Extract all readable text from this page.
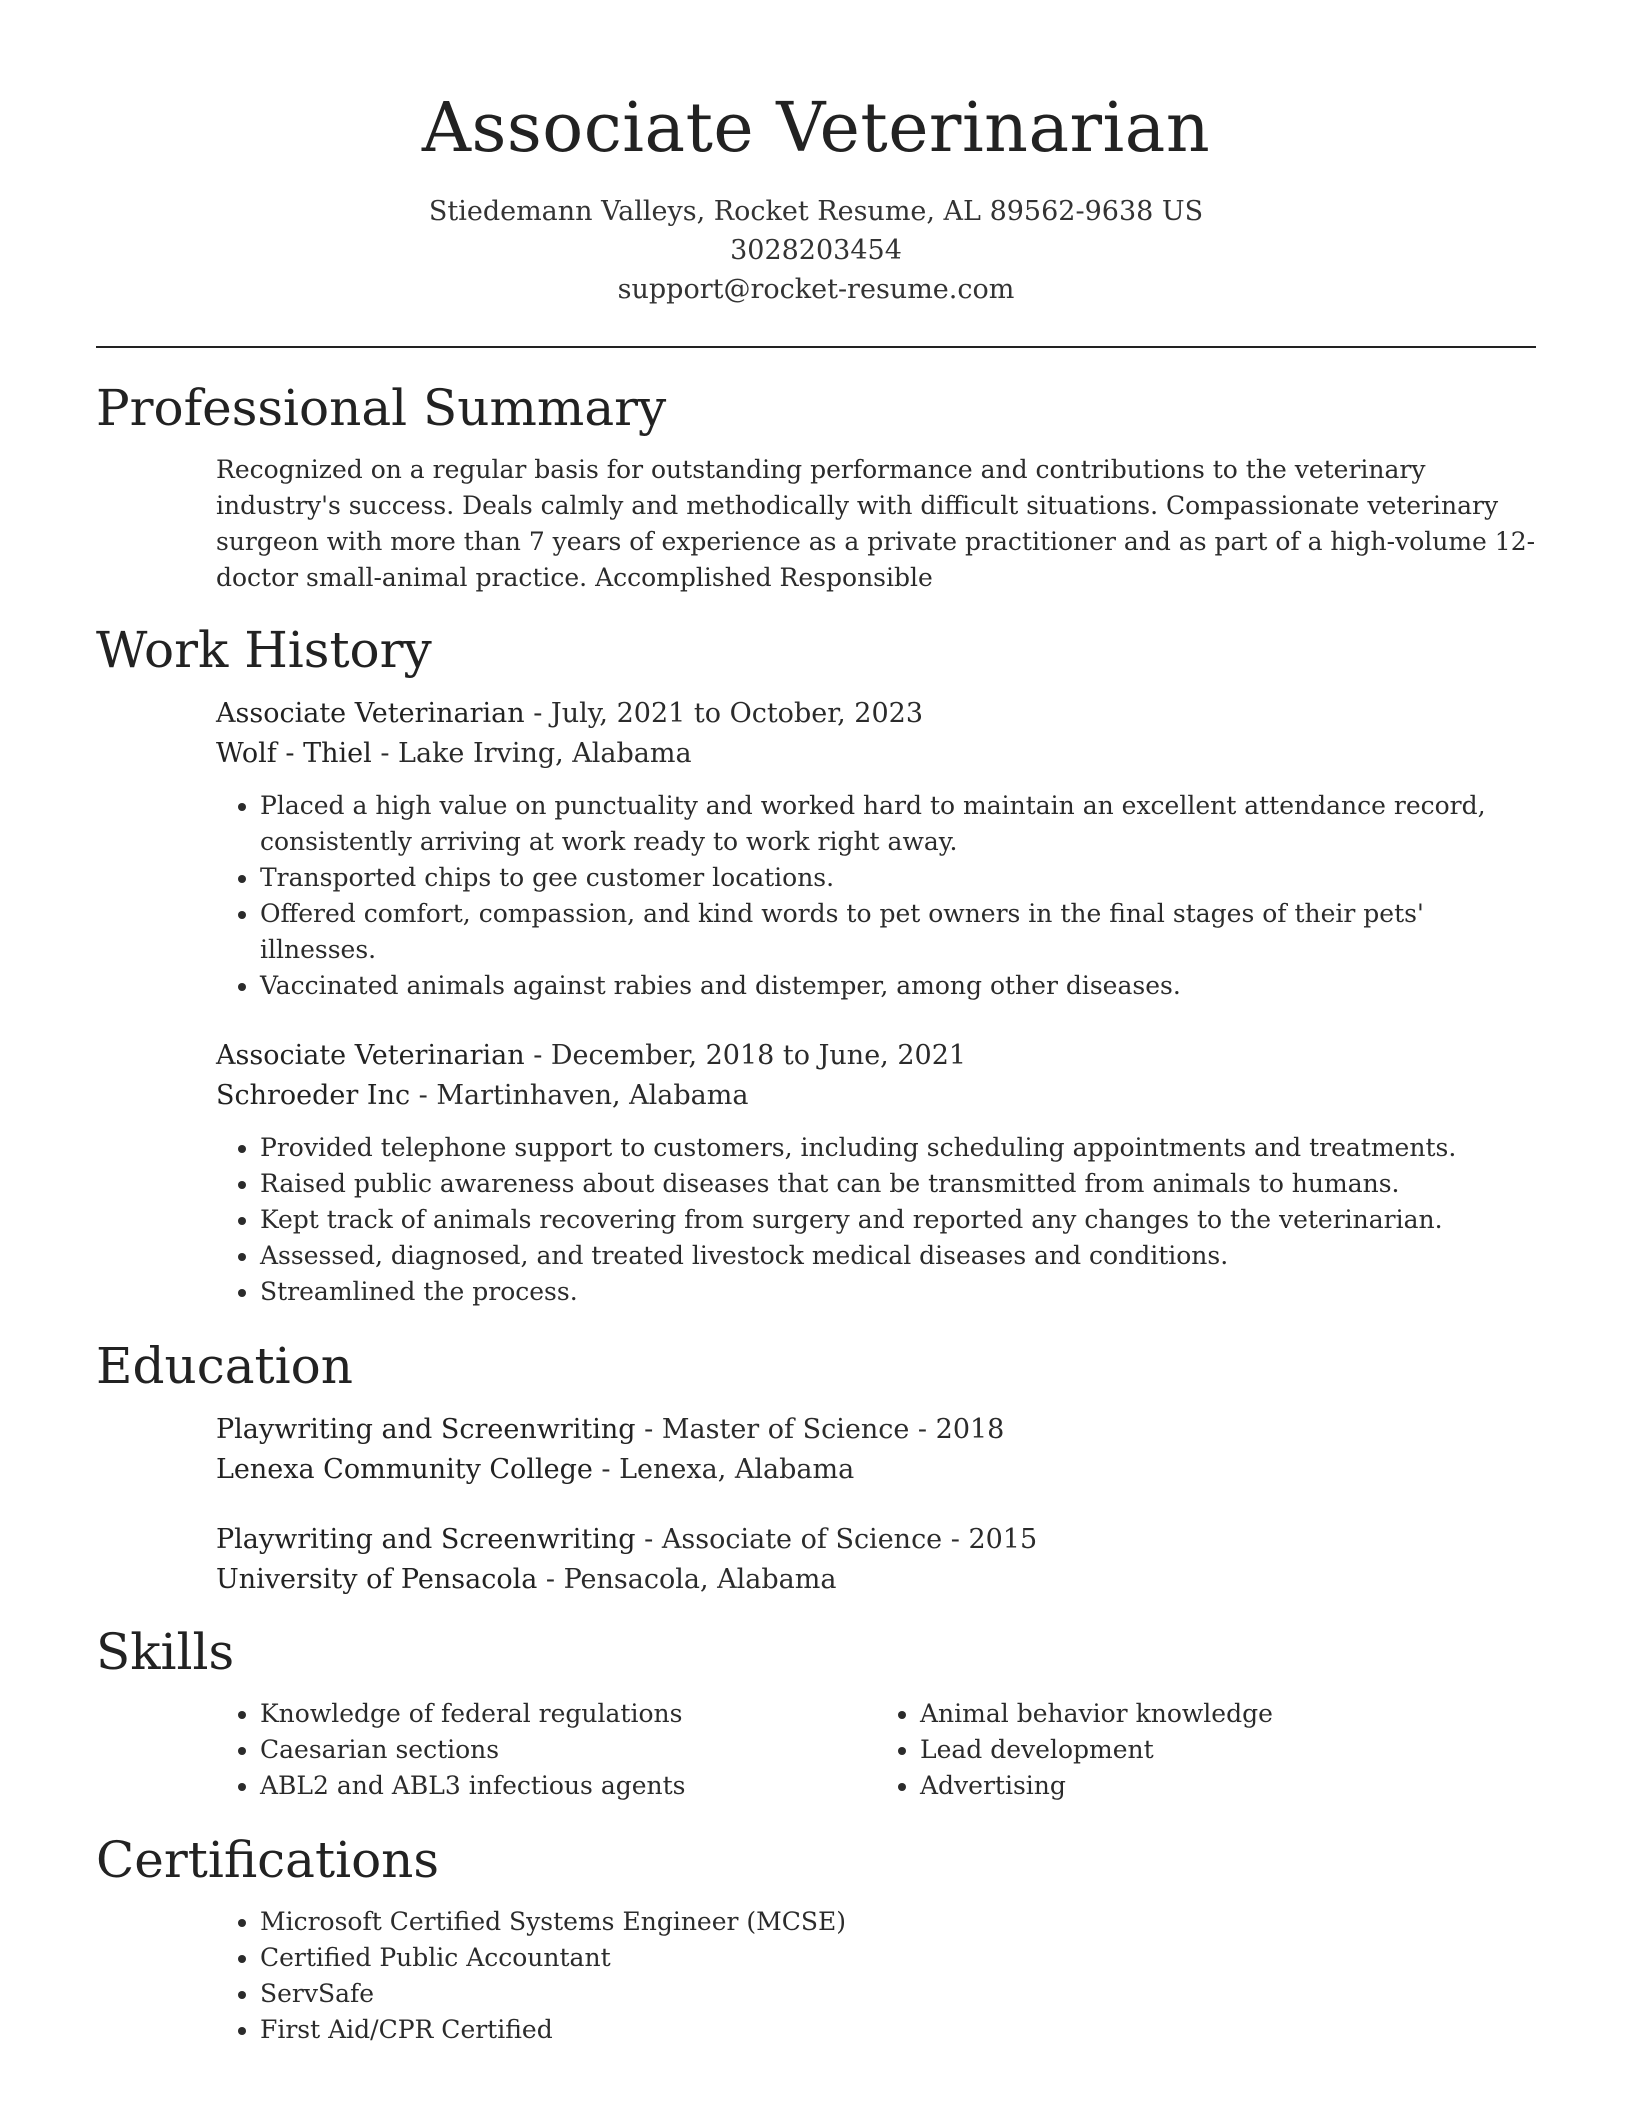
Associate Veterinarian
Stiedemann Valleys, Rocket Resume, AL 89562-9638 US
3028203454
support@rocket-resume.com
Professional Summary

Recognized on a regular basis for outstanding performance and contributions to the veterinary industry's success. Deals calmly and methodically with difficult situations. Compassionate veterinary surgeon with more than 7 years of experience as a private practitioner and as part of a high-volume 12-doctor small-animal practice. Accomplished Responsible

Work History
Associate Veterinarian - July, 2021 to October, 2023
Wolf - Thiel - Lake Irving, Alabama
• Placed a high value on punctuality and worked hard to maintain an excellent attendance record, consistently arriving at work ready to work right away.
• Transported chips to gee customer locations.
• Offered comfort, compassion, and kind words to pet owners in the final stages of their pets' illnesses.
• Vaccinated animals against rabies and distemper, among other diseases.
Associate Veterinarian - December, 2018 to June, 2021
Schroeder Inc - Martinhaven, Alabama
• Provided telephone support to customers, including scheduling appointments and treatments.
• Raised public awareness about diseases that can be transmitted from animals to humans.
• Kept track of animals recovering from surgery and reported any changes to the veterinarian.
• Assessed, diagnosed, and treated livestock medical diseases and conditions.
• Streamlined the process.
Education
Playwriting and Screenwriting - Master of Science - 2018
Lenexa Community College - Lenexa, Alabama
Playwriting and Screenwriting - Associate of Science - 2015
University of Pensacola - Pensacola, Alabama
Skills
• Knowledge of federal regulations
• Caesarian sections
• ABL2 and ABL3 infectious agents
• Animal behavior knowledge
• Lead development
• Advertising
Certifications
• Microsoft Certified Systems Engineer (MCSE)
• Certified Public Accountant
• ServSafe
• First Aid/CPR Certified
